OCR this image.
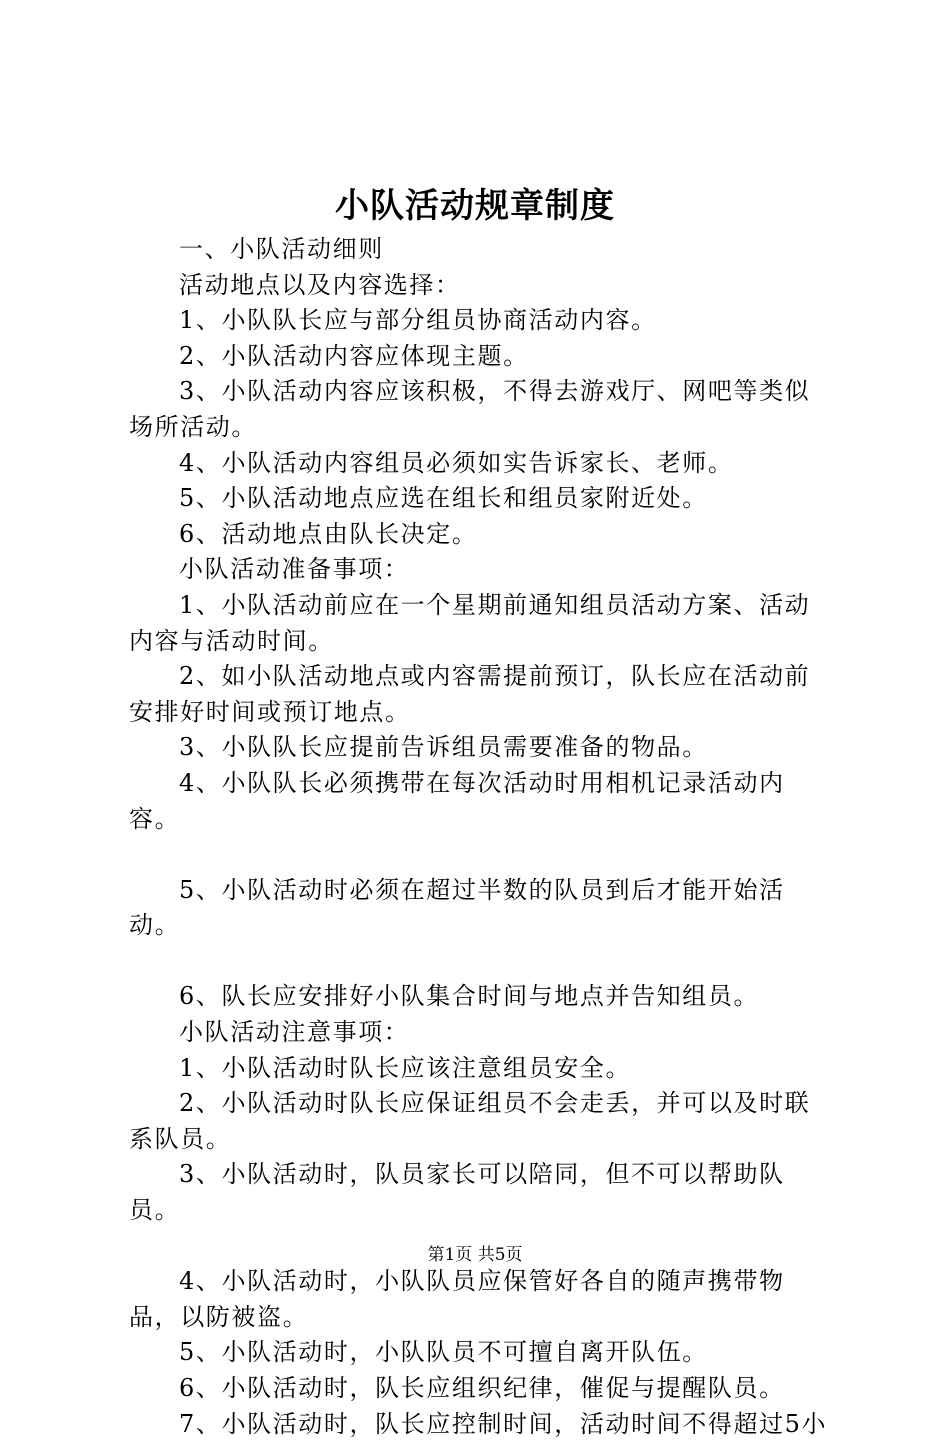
小队活动规章制度

一、小队活动细则

活动地点以及内容选择：

1、小队队长应与部分组员协商活动内容。

2、小队活动内容应体现主题。

3、小队活动内容应该积极，不得去游戏厅、网吧等类似场所活动。

4、小队活动内容组员必须如实告诉家长、老师。

5、小队活动地点应选在组长和组员家附近处。

6、活动地点由队长决定。

小队活动准备事项：

1、小队活动前应在一个星期前通知组员活动方案、活动内容与活动时间。

2、如小队活动地点或内容需提前预订，队长应在活动前安排好时间或预订地点。

3、小队队长应提前告诉组员需要准备的物品。

4、小队队长必须携带在每次活动时用相机记录活动内容。

5、小队活动时必须在超过半数的队员到后才能开始活动。

6、队长应安排好小队集合时间与地点并告知组员。

小队活动注意事项：

1、小队活动时队长应该注意组员安全。

2、小队活动时队长应保证组员不会走丢，并可以及时联系队员。

3、小队活动时，队员家长可以陪同，但不可以帮助队员。

4、小队活动时，小队队员应保管好各自的随声携带物品，以防被盗。

5、小队活动时，小队队员不可擅自离开队伍。

6、小队活动时，队长应组织纪律，催促与提醒队员。

7、小队活动时，队长应控制时间，活动时间不得超过5小

第1页 共5页
